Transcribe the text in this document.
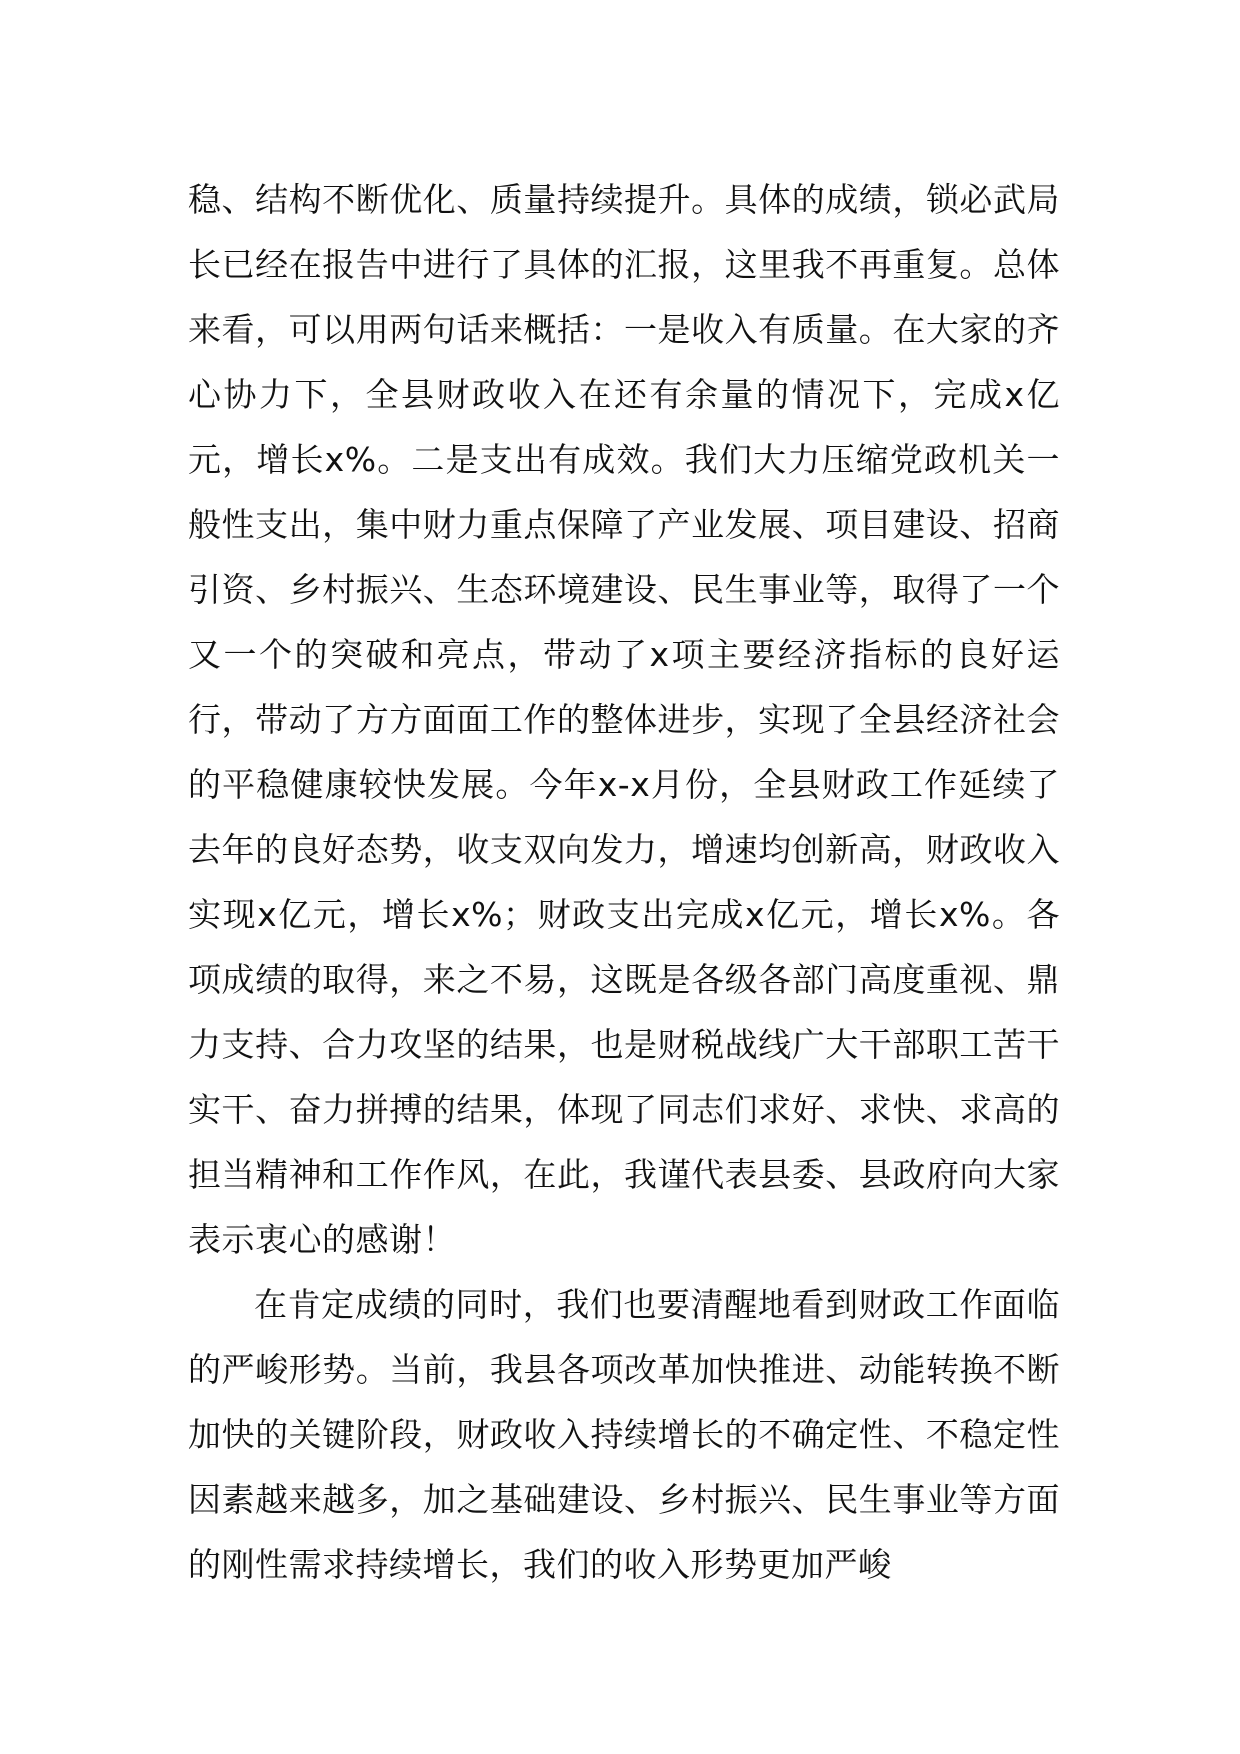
稳、结构不断优化、质量持续提升。具体的成绩，锁必武局长已经在报告中进行了具体的汇报，这里我不再重复。总体来看，可以用两句话来概括：一是收入有质量。在大家的齐心协力下，全县财政收入在还有余量的情况下，完成x亿元，增长x%。二是支出有成效。我们大力压缩党政机关一般性支出，集中财力重点保障了产业发展、项目建设、招商引资、乡村振兴、生态环境建设、民生事业等，取得了一个又一个的突破和亮点，带动了x项主要经济指标的良好运行，带动了方方面面工作的整体进步，实现了全县经济社会的平稳健康较快发展。今年x-x月份，全县财政工作延续了去年的良好态势，收支双向发力，增速均创新高，财政收入实现x亿元，增长x%；财政支出完成x亿元，增长x%。各项成绩的取得，来之不易，这既是各级各部门高度重视、鼎力支持、合力攻坚的结果，也是财税战线广大干部职工苦干实干、奋力拼搏的结果，体现了同志们求好、求快、求高的担当精神和工作作风，在此，我谨代表县委、县政府向大家表示衷心的感谢！

在肯定成绩的同时，我们也要清醒地看到财政工作面临的严峻形势。当前，我县各项改革加快推进、动能转换不断加快的关键阶段，财政收入持续增长的不确定性、不稳定性因素越来越多，加之基础建设、乡村振兴、民生事业等方面的刚性需求持续增长，我们的收入形势更加严峻
